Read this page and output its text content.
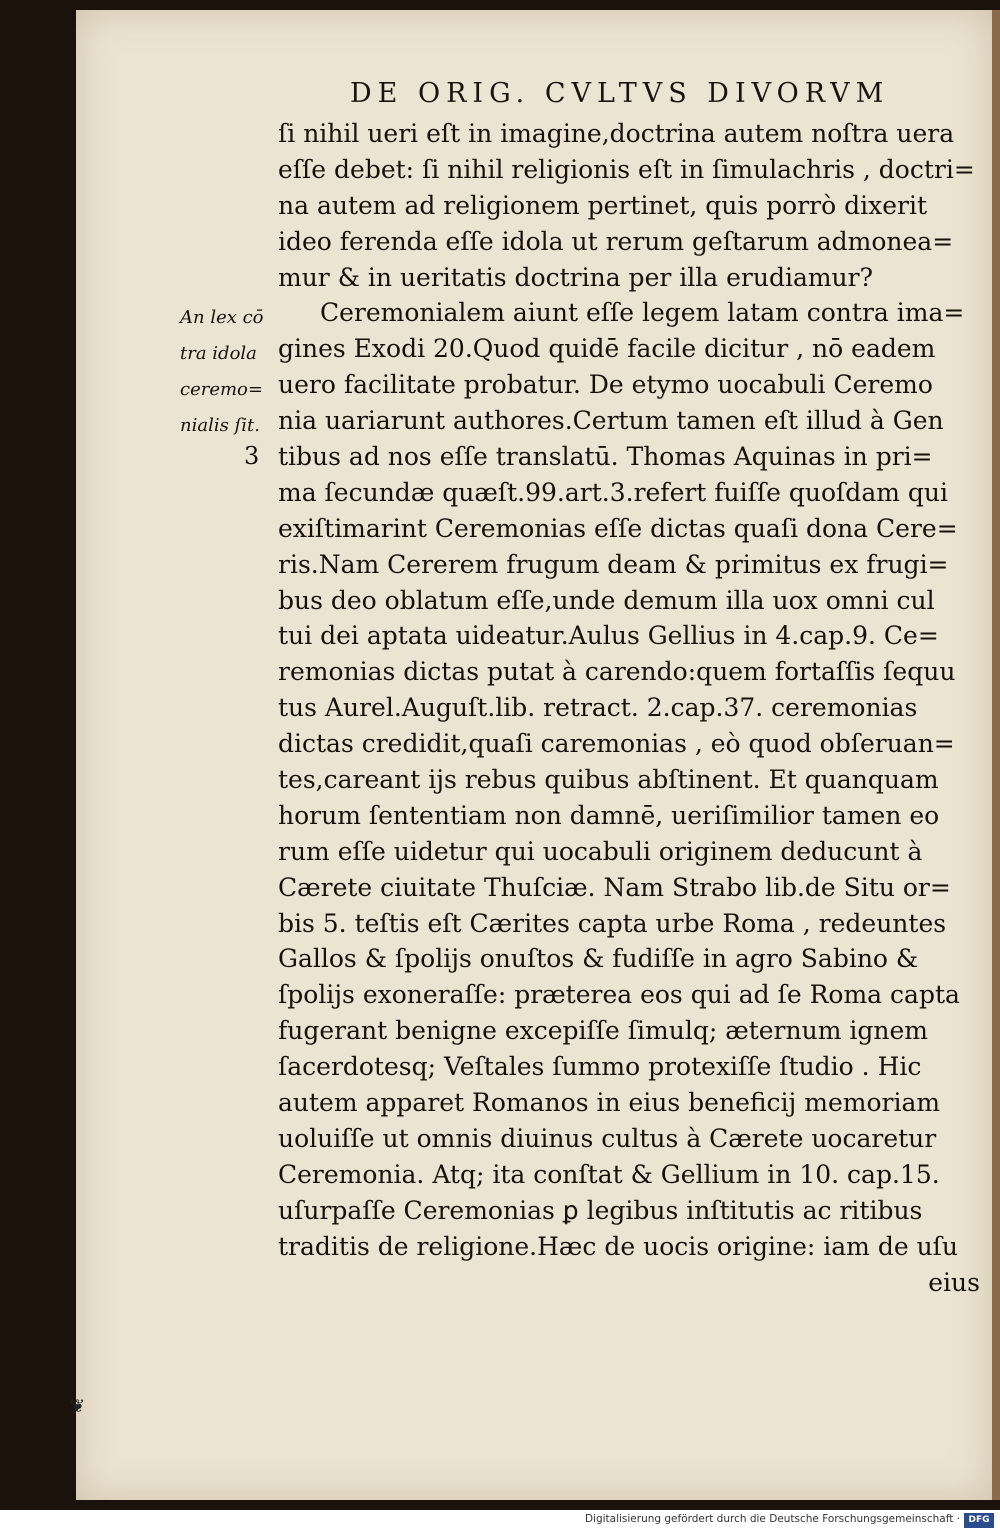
DE ORIG. CVLTVS DIVORVM
ſi nihil ueri eſt in imagine,doctrina autem noſtra uera
eſſe debet: ſi nihil religionis eſt in ſimulachris , doctri=
na autem ad religionem pertinet, quis porrò dixerit
ideo ferenda eſſe idola ut rerum geſtarum admonea=
mur & in ueritatis doctrina per illa erudiamur?
Ceremonialem aiunt eſſe legem latam contra ima=
gines Exodi 20.Quod quidē facile dicitur , nō eadem
uero facilitate probatur. De etymo uocabuli Ceremo
nia uariarunt authores.Certum tamen eſt illud à Gen
tibus ad nos eſſe translatū. Thomas Aquinas in pri=
ma ſecundæ quæſt.99.art.3.refert fuiſſe quoſdam qui
exiſtimarint Ceremonias eſſe dictas quaſi dona Cere=
ris.Nam Cererem frugum deam & primitus ex frugi=
bus deo oblatum eſſe,unde demum illa uox omni cul
tui dei aptata uideatur.Aulus Gellius in 4.cap.9. Ce=
remonias dictas putat à carendo:quem fortaſſis ſequu
tus Aurel.Auguſt.lib. retract. 2.cap.37. ceremonias
dictas credidit,quaſi caremonias , eò quod obſeruan=
tes,careant ijs rebus quibus abſtinent. Et quanquam
horum ſententiam non damnē, ueriſimilior tamen eo
rum eſſe uidetur qui uocabuli originem deducunt à
Cærete ciuitate Thuſciæ. Nam Strabo lib.de Situ or=
bis 5. teſtis eſt Cærites capta urbe Roma , redeuntes
Gallos & ſpolijs onuſtos & fudiſſe in agro Sabino &
ſpolijs exoneraſſe: præterea eos qui ad ſe Roma capta
fugerant benigne excepiſſe ſimulq; æternum ignem
ſacerdotesq; Veſtales ſummo protexiſſe ſtudio . Hic
autem apparet Romanos in eius beneficij memoriam
uoluiſſe ut omnis diuinus cultus à Cærete uocaretur
Ceremonia. Atq; ita conſtat & Gellium in 10. cap.15.
uſurpaſſe Ceremonias ꝑ legibus inſtitutis ac ritibus
traditis de religione.Hæc de uocis origine: iam de uſu
eius
An lex cō
tra idola
ceremo=
nialis ſit.
3
❦
Digitalisierung gefördert durch die Deutsche Forschungsgemeinschaft · DFG
